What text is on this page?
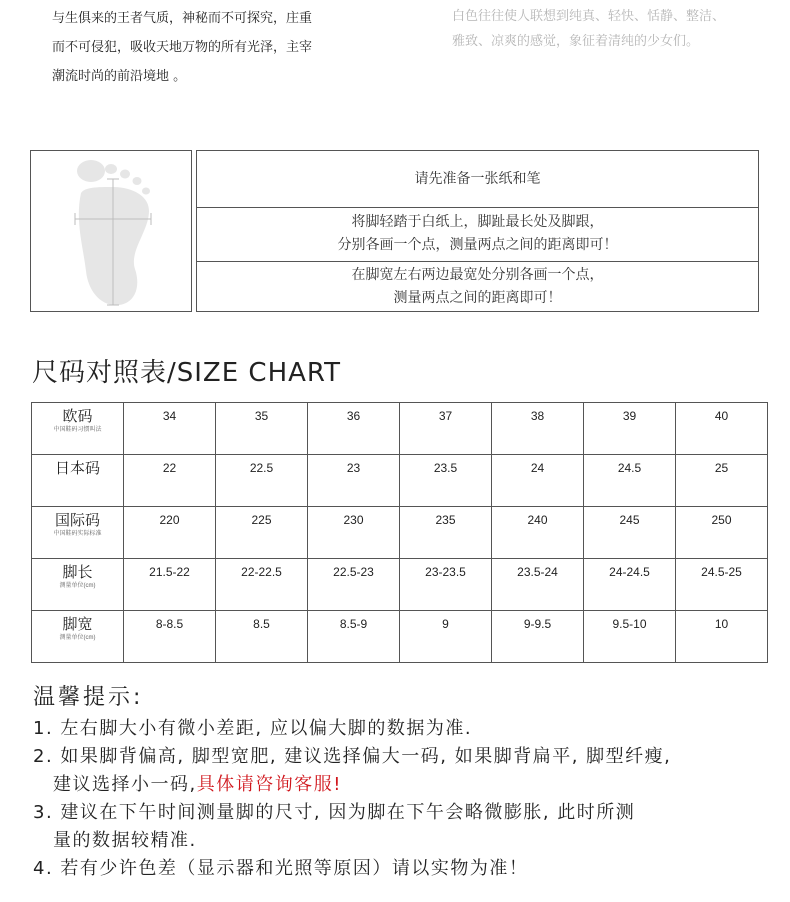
与生俱来的王者气质，神秘而不可探究，庄重
而不可侵犯，吸收天地万物的所有光泽，主宰
潮流时尚的前沿境地 。
白色往往使人联想到纯真、轻快、恬静、整洁、
雅致、凉爽的感觉，象征着清纯的少女们。
请先准备一张纸和笔
将脚轻踏于白纸上，脚趾最长处及脚跟，
分别各画一个点，测量两点之间的距离即可！
在脚宽左右两边最宽处分别各画一个点，
测量两点之间的距离即可！
尺码对照表/SIZE CHART
欧码
中国鞋码习惯叫法	34	35	36	37	38	39	40

日本码	22	22.5	23	23.5	24	24.5	25

国际码
中国鞋码实际标准	220	225	230	235	240	245	250

脚长
测量单位(cm)	21.5-22	22-22.5	22.5-23	23-23.5	23.5-24	24-24.5	24.5-25

脚宽
测量单位(cm)	8-8.5	8.5	8.5-9	9	9-9.5	9.5-10	10
温馨提示:
1. 左右脚大小有微小差距, 应以偏大脚的数据为准.
2. 如果脚背偏高, 脚型宽肥, 建议选择偏大一码, 如果脚背扁平, 脚型纤瘦,
建议选择小一码,具体请咨询客服!
3. 建议在下午时间测量脚的尺寸, 因为脚在下午会略微膨胀, 此时所测
量的数据较精准.
4. 若有少许色差（显示器和光照等原因）请以实物为准！
